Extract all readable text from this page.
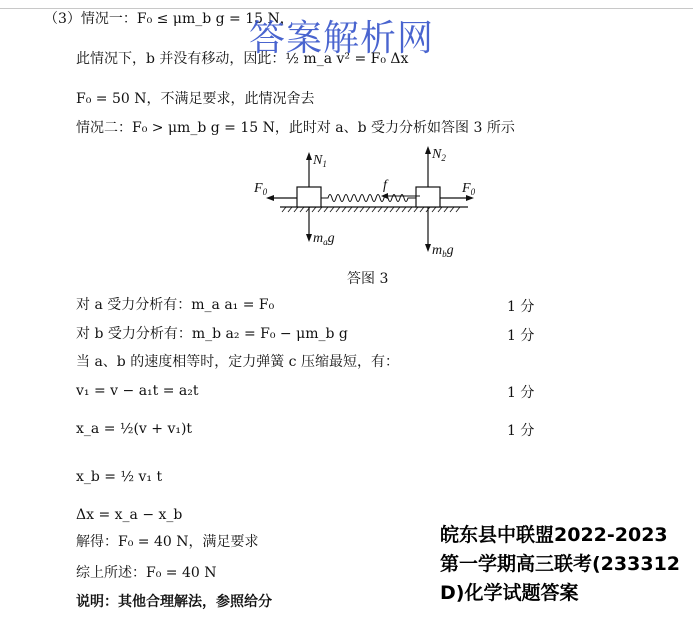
（3）情况一：F₀ ≤ μm_b g = 15 N，
答案解析网
此情况下，b 并没有移动，因此：½ m_a v² = F₀ Δx
F₀ = 50 N，不满足要求，此情况舍去
情况二：F₀ > μm_b g = 15 N，此时对 a、b 受力分析如答图 3 所示
$N_1$
$N_2$
$F_0$	$F_0$
f
$m_ag$
$m_bg$
答图 3
对 a 受力分析有：m_a a₁ = F₀	1 分
对 b 受力分析有：m_b a₂ = F₀ − μm_b g	1 分
当 a、b 的速度相等时，定力弹簧 c 压缩最短，有：
v₁ = v − a₁t = a₂t	1 分
x_a = ½(v + v₁)t	1 分
x_b = ½ v₁ t
Δx = x_a − x_b
解得：F₀ = 40 N，满足要求
综上所述：F₀ = 40 N
说明：其他合理解法，参照给分
皖东县中联盟2022-2023
第一学期高三联考(233312
D)化学试题答案
